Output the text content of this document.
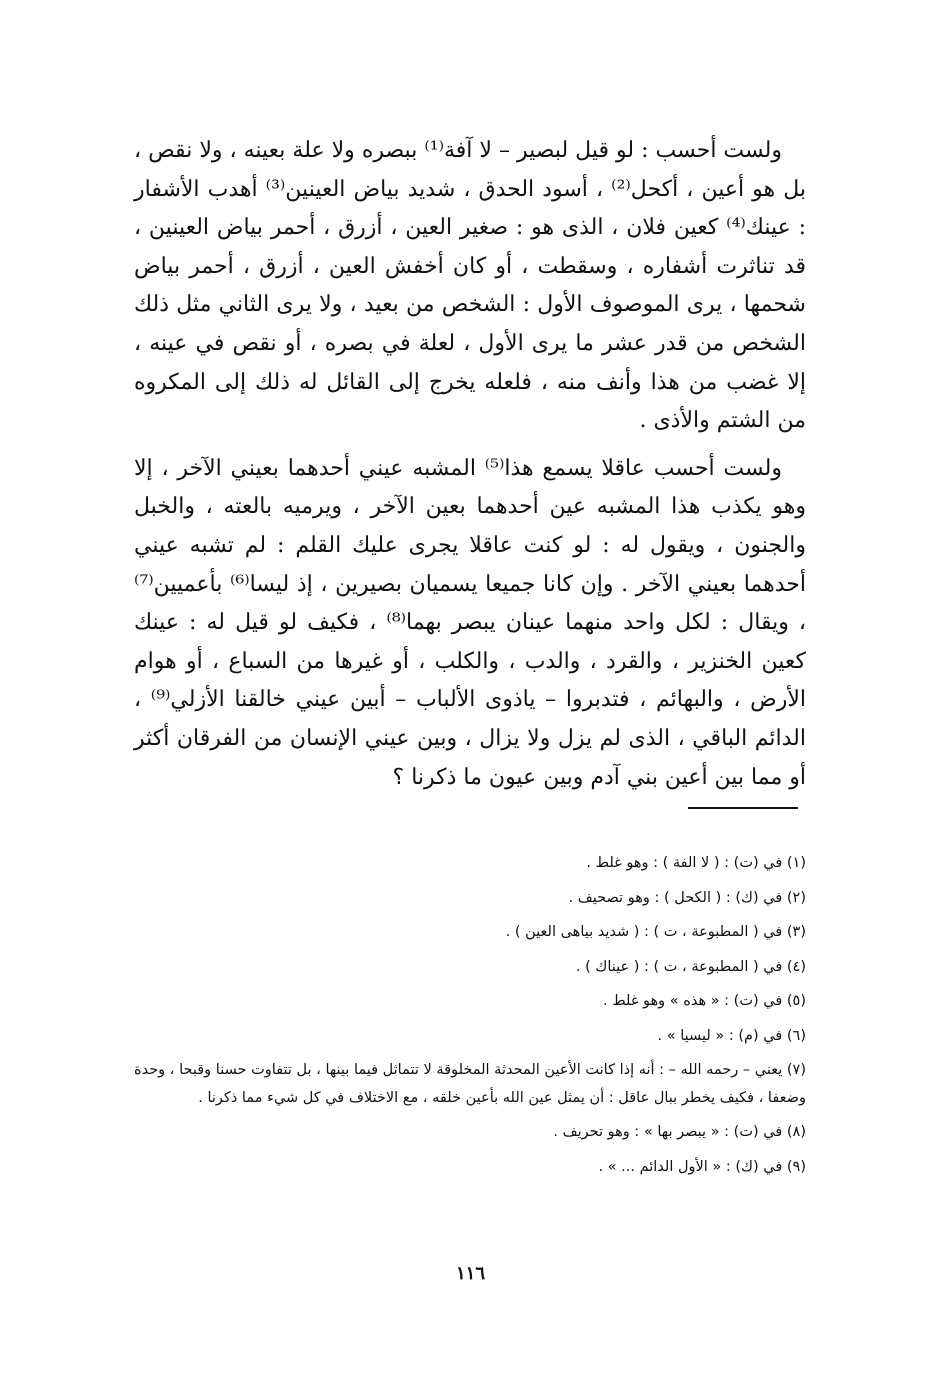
ولست أحسب : لو قيل لبصير – لا آفة⁽¹⁾ ببصره ولا علة بعينه ، ولا نقص ، بل هو أعين ، أكحل⁽²⁾ ، أسود الحدق ، شديد بياض العينين⁽³⁾ أهدب الأشفار : عينك⁽⁴⁾ كعين فلان ، الذى هو : صغير العين ، أزرق ، أحمر بياض العينين ، قد تناثرت أشفاره ، وسقطت ، أو كان أخفش العين ، أزرق ، أحمر بياض شحمها ، يرى الموصوف الأول : الشخص من بعيد ، ولا يرى الثاني مثل ذلك الشخص من قدر عشر ما يرى الأول ، لعلة في بصره ، أو نقص في عينه ، إلا غضب من هذا وأنف منه ، فلعله يخرج إلى القائل له ذلك إلى المكروه من الشتم والأذى .

ولست أحسب عاقلا يسمع هذا⁽⁵⁾ المشبه عيني أحدهما بعيني الآخر ، إلا وهو يكذب هذا المشبه عين أحدهما بعين الآخر ، ويرميه بالعته ، والخبل والجنون ، ويقول له : لو كنت عاقلا يجرى عليك القلم : لم تشبه عيني أحدهما بعيني الآخر . وإن كانا جميعا يسميان بصيرين ، إذ ليسا⁽⁶⁾ بأعميين⁽⁷⁾ ، ويقال : لكل واحد منهما عينان يبصر بهما⁽⁸⁾ ، فكيف لو قيل له : عينك كعين الخنزير ، والقرد ، والدب ، والكلب ، أو غيرها من السباع ، أو هوام الأرض ، والبهائم ، فتدبروا – ياذوى الألباب – أبين عيني خالقنا الأزلي⁽⁹⁾ ، الدائم الباقي ، الذى لم يزل ولا يزال ، وبين عيني الإنسان من الفرقان أكثر أو مما بين أعين بني آدم وبين عيون ما ذكرنا ؟

(١) في (ت) : ( لا الفة ) : وهو غلط .

(٢) في (ك) : ( الكحل ) : وهو تصحيف .

(٣) في ( المطبوعة ، ت ) : ( شديد بياهى العين ) .

(٤) في ( المطبوعة ، ت ) : ( عيناك ) .

(٥) في (ت) : « هذه » وهو غلط .

(٦) في (م) : « ليسيا » .

(٧) يعني – رحمه الله – : أنه إذا كانت الأعين المحدثة المخلوقة لا تتماثل فيما بينها ، بل تتفاوت حسنا وقبحا ، وحدة وضعفا ، فكيف يخطر ببال عاقل : أن يمثل عين الله بأعين خلقه ، مع الاختلاف في كل شيء مما ذكرنا .

(٨) في (ت) : « يبصر بها » : وهو تحريف .

(٩) في (ك) : « الأول الدائم ... » .

١١٦
